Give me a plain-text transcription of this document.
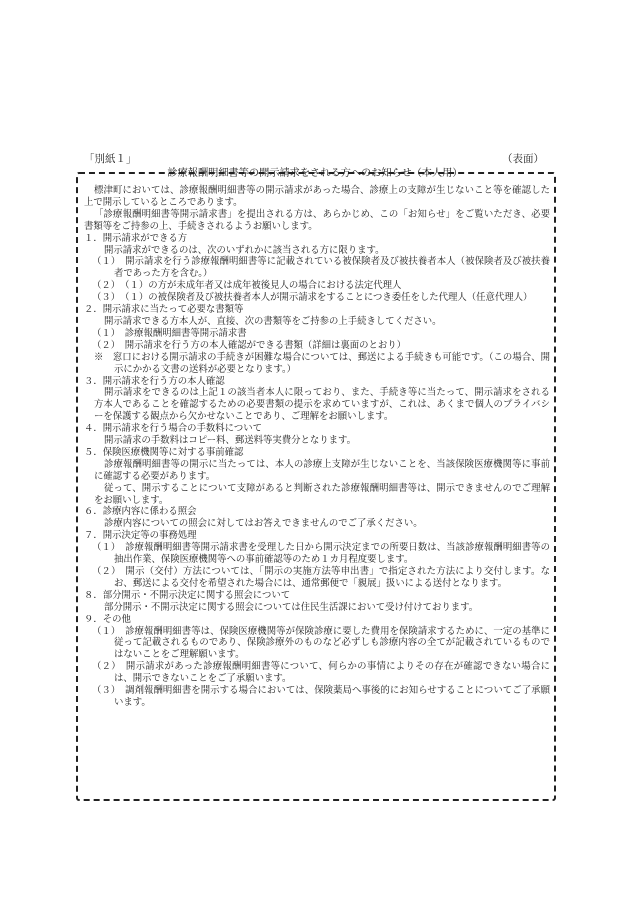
「別紙１」	（表面）
診療報酬明細書等の開示請求をされる方へのお知らせ（本人用）

標津町においては、診療報酬明細書等の開示請求があった場合、診療上の支障が生じないこと等を確認した上で開示しているところであります。

「診療報酬明細書等開示請求書」を提出される方は、あらかじめ、この「お知らせ」をご覧いただき、必要書類等をご持参の上、手続きされるようお願いします。

１．開示請求ができる方

開示請求ができるのは、次のいずれかに該当される方に限ります。

（１）　開示請求を行う診療報酬明細書等に記載されている被保険者及び被扶養者本人（被保険者及び被扶養者であった方を含む。）

（２）　（１）の方が未成年者又は成年被後見人の場合における法定代理人

（３）　（１）の被保険者及び被扶養者本人が開示請求をすることにつき委任をした代理人（任意代理人）

２．開示請求に当たって必要な書類等

開示請求できる方本人が、直接、次の書類等をご持参の上手続きしてください。

（１）　診療報酬明細書等開示請求書

（２）　開示請求を行う方の本人確認ができる書類（詳細は裏面のとおり）

※　窓口における開示請求の手続きが困難な場合については、郵送による手続きも可能です。（この場合、開示にかかる文書の送料が必要となります。）

３．開示請求を行う方の本人確認

開示請求をできるのは上記１の該当者本人に限っており、また、手続き等に当たって、開示請求をされる方本人であることを確認するための必要書類の提示を求めていますが、これは、あくまで個人のプライバシーを保護する観点から欠かせないことであり、ご理解をお願いします。

４．開示請求を行う場合の手数料について

開示請求の手数料はコピー料、郵送料等実費分となります。

５．保険医療機関等に対する事前確認

診療報酬明細書等の開示に当たっては、本人の診療上支障が生じないことを、当該保険医療機関等に事前に確認する必要があります。

従って、開示することについて支障があると判断された診療報酬明細書等は、開示できませんのでご理解をお願いします。

６．診療内容に係わる照会

診療内容についての照会に対してはお答えできませんのでご了承ください。

７．開示決定等の事務処理

（１）　診療報酬明細書等開示請求書を受理した日から開示決定までの所要日数は、当該診療報酬明細書等の抽出作業、保険医療機関等への事前確認等のため１カ月程度要します。

（２）　開示（交付）方法については、「開示の実施方法等申出書」で指定された方法により交付します。なお、郵送による交付を希望された場合には、通常郵便で「親展」扱いによる送付となります。

８．部分開示・不開示決定に関する照会について

部分開示・不開示決定に関する照会については住民生活課において受け付けております。

９．その他

（１）　診療報酬明細書等は、保険医療機関等が保険診療に要した費用を保険請求するために、一定の基準に従って記載されるものであり、保険診療外のものなど必ずしも診療内容の全てが記載されているものではないことをご理解願います。

（２）　開示請求があった診療報酬明細書等について、何らかの事情によりその存在が確認できない場合には、開示できないことをご了承願います。

（３）　調剤報酬明細書を開示する場合においては、保険薬局へ事後的にお知らせすることについてご了承願います。
